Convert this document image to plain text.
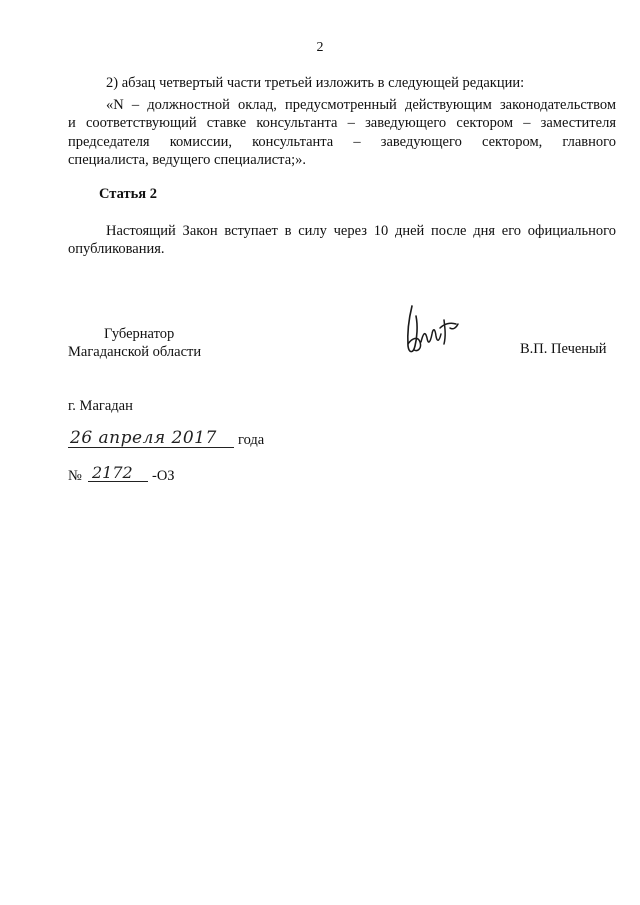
2
2) абзац четвертый части третьей изложить в следующей редакции:
«N – должностной оклад, предусмотренный действующим законодательством
и соответствующий ставке консультанта – заведующего сектором – заместителя
председателя комиссии, консультанта – заведующего сектором, главного
специалиста, ведущего специалиста;».
Статья 2
Настоящий Закон вступает в силу через 10 дней после дня его официального
опубликования.
Губернатор
Магаданской области	В.П. Печеный
г. Магадан
26 апреля 2017 года
№ 2172 -ОЗ
